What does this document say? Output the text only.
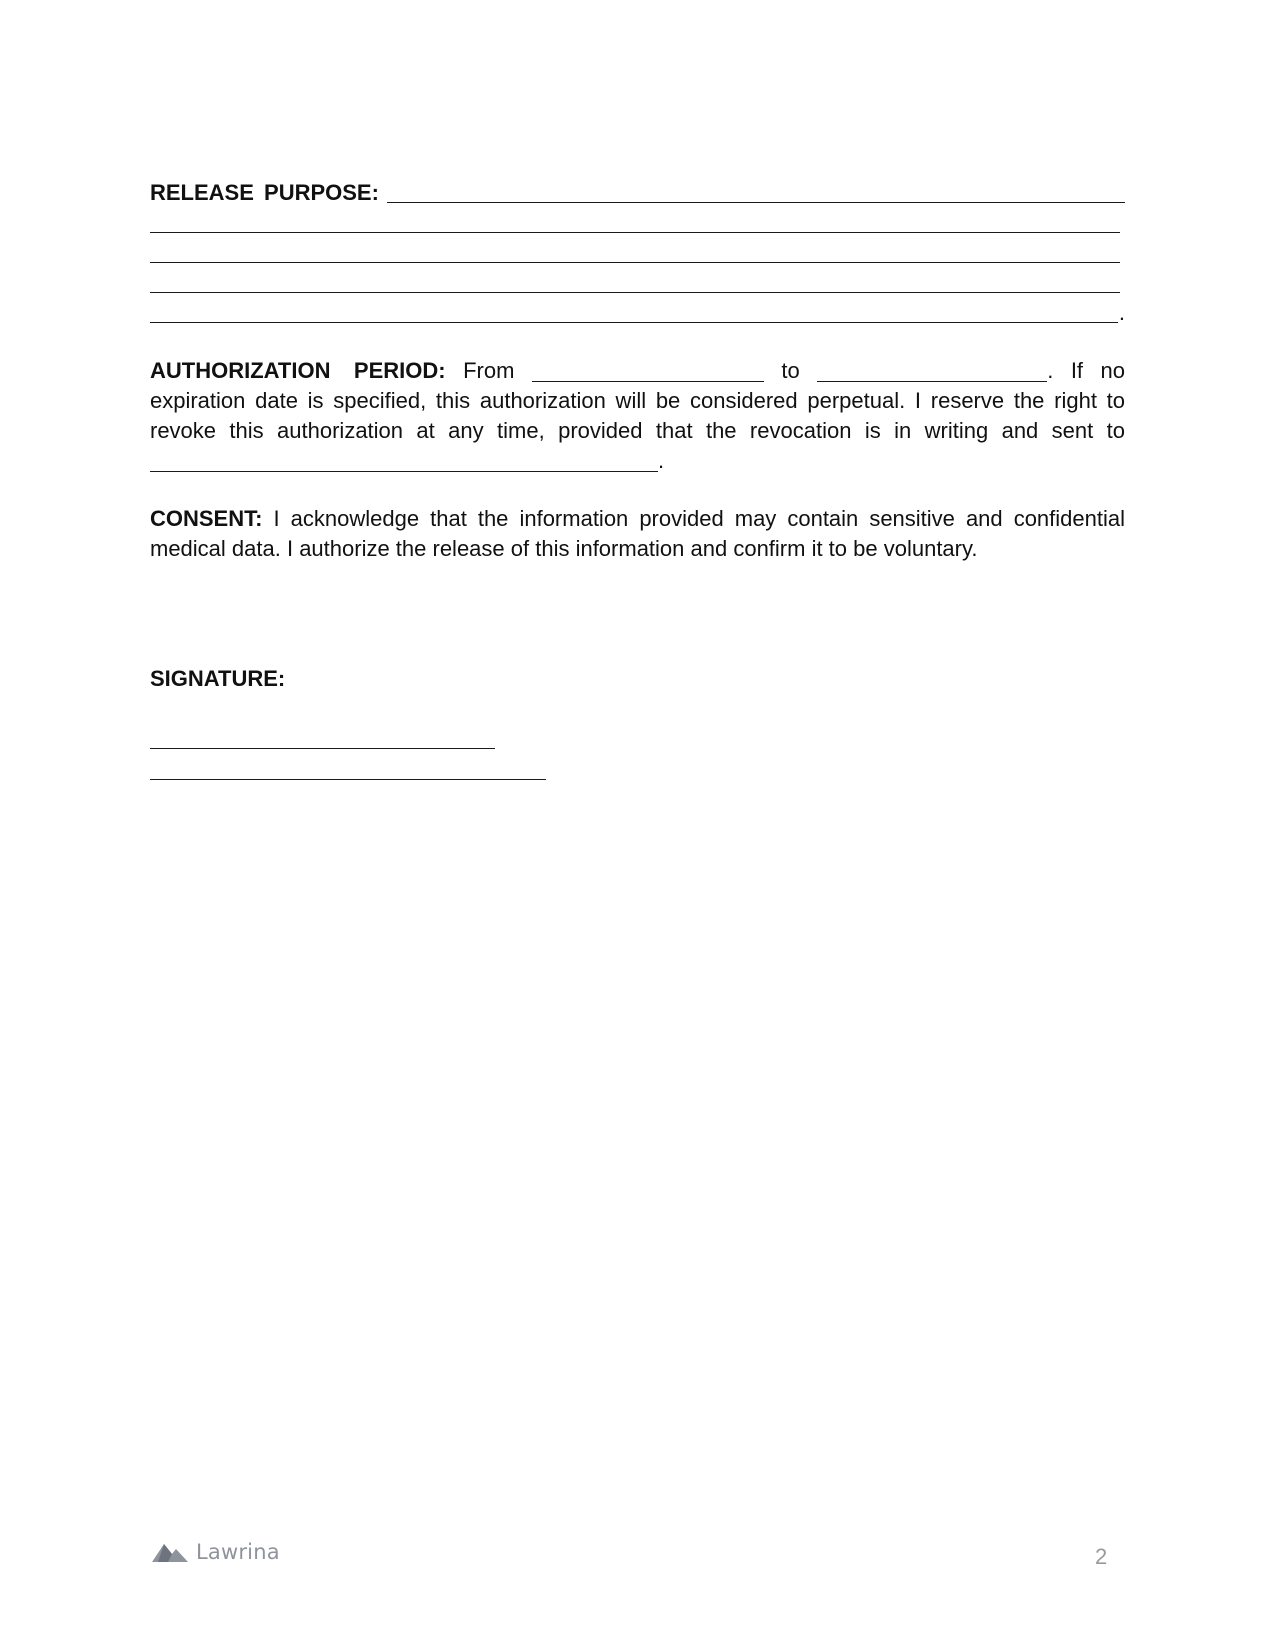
RELEASE PURPOSE:
.

AUTHORIZATION PERIOD: From	to	. If no expiration date is specified, this authorization will be considered perpetual. I reserve the right to revoke this authorization at any time, provided that the revocation is in writing and sent to .

CONSENT: I acknowledge that the information provided may contain sensitive and confidential medical data. I authorize the release of this information and confirm it to be voluntary.

SIGNATURE:
Lawrina	2
